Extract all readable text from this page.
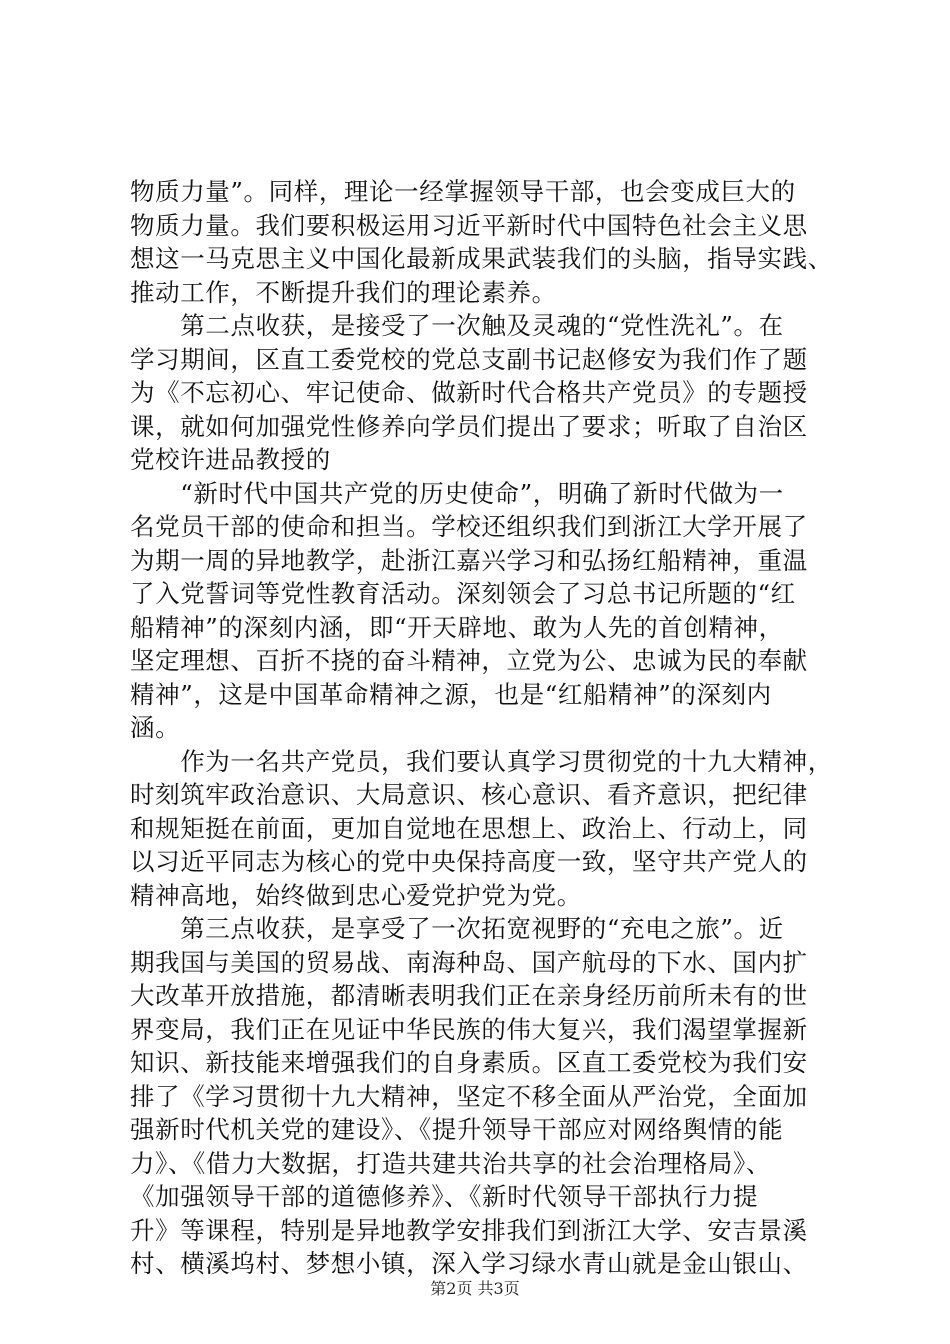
物质力量”。同样，理论一经掌握领导干部，也会变成巨大的
物质力量。我们要积极运用习近平新时代中国特色社会主义思
想这一马克思主义中国化最新成果武装我们的头脑，指导实践、
推动工作，不断提升我们的理论素养。
　　第二点收获，是接受了一次触及灵魂的“党性洗礼”。在
学习期间，区直工委党校的党总支副书记赵修安为我们作了题
为《不忘初心、牢记使命、做新时代合格共产党员》的专题授
课，就如何加强党性修养向学员们提出了要求；听取了自治区
党校许进品教授的
　　“新时代中国共产党的历史使命”，明确了新时代做为一
名党员干部的使命和担当。学校还组织我们到浙江大学开展了
为期一周的异地教学，赴浙江嘉兴学习和弘扬红船精神，重温
了入党誓词等党性教育活动。深刻领会了习总书记所题的“红
船精神”的深刻内涵，即“开天辟地、敢为人先的首创精神，
坚定理想、百折不挠的奋斗精神，立党为公、忠诚为民的奉献
精神”，这是中国革命精神之源，也是“红船精神”的深刻内
涵。
　　作为一名共产党员，我们要认真学习贯彻党的十九大精神，
时刻筑牢政治意识、大局意识、核心意识、看齐意识，把纪律
和规矩挺在前面，更加自觉地在思想上、政治上、行动上，同
以习近平同志为核心的党中央保持高度一致，坚守共产党人的
精神高地，始终做到忠心爱党护党为党。
　　第三点收获，是享受了一次拓宽视野的“充电之旅”。近
期我国与美国的贸易战、南海种岛、国产航母的下水、国内扩
大改革开放措施，都清晰表明我们正在亲身经历前所未有的世
界变局，我们正在见证中华民族的伟大复兴，我们渴望掌握新
知识、新技能来增强我们的自身素质。区直工委党校为我们安
排了《学习贯彻十九大精神，坚定不移全面从严治党，全面加
强新时代机关党的建设》、《提升领导干部应对网络舆情的能
力》、《借力大数据，打造共建共治共享的社会治理格局》、
《加强领导干部的道德修养》、《新时代领导干部执行力提
升》等课程，特别是异地教学安排我们到浙江大学、安吉景溪
村、横溪坞村、梦想小镇，深入学习绿水青山就是金山银山、
第2页 共3页
